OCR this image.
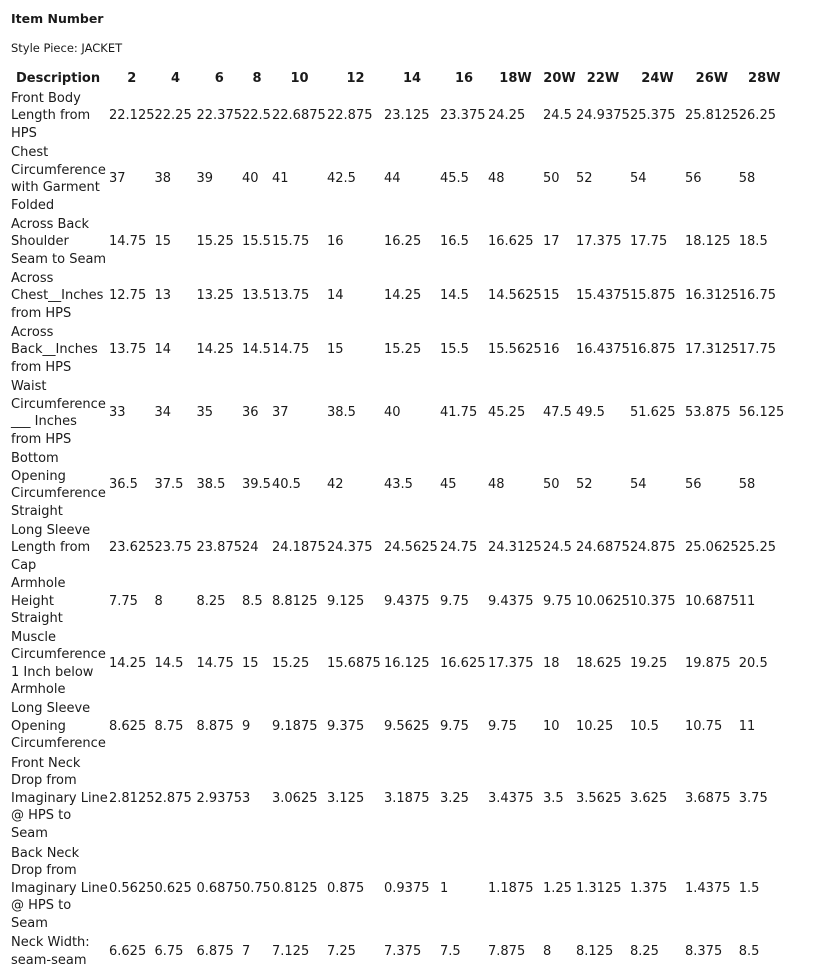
Item Number
Style Piece: JACKET
Description	2	4	6	8	10	12	14	16	18W	20W	22W	24W	26W	28W
Front Body Length from HPS	22.125	22.25	22.375	22.5	22.6875	22.875	23.125	23.375	24.25	24.5	24.9375	25.375	25.8125	26.25
Chest Circumference with Garment Folded	37	38	39	40	41	42.5	44	45.5	48	50	52	54	56	58
Across Back Shoulder Seam to Seam	14.75	15	15.25	15.5	15.75	16	16.25	16.5	16.625	17	17.375	17.75	18.125	18.5
Across Chest__Inches from HPS	12.75	13	13.25	13.5	13.75	14	14.25	14.5	14.5625	15	15.4375	15.875	16.3125	16.75
Across Back__Inches from HPS	13.75	14	14.25	14.5	14.75	15	15.25	15.5	15.5625	16	16.4375	16.875	17.3125	17.75
Waist Circumference ___ Inches from HPS	33	34	35	36	37	38.5	40	41.75	45.25	47.5	49.5	51.625	53.875	56.125
Bottom Opening Circumference Straight	36.5	37.5	38.5	39.5	40.5	42	43.5	45	48	50	52	54	56	58
Long Sleeve Length from Cap	23.625	23.75	23.875	24	24.1875	24.375	24.5625	24.75	24.3125	24.5	24.6875	24.875	25.0625	25.25
Armhole Height Straight	7.75	8	8.25	8.5	8.8125	9.125	9.4375	9.75	9.4375	9.75	10.0625	10.375	10.6875	11
Muscle Circumference 1 Inch below Armhole	14.25	14.5	14.75	15	15.25	15.6875	16.125	16.625	17.375	18	18.625	19.25	19.875	20.5
Long Sleeve Opening Circumference	8.625	8.75	8.875	9	9.1875	9.375	9.5625	9.75	9.75	10	10.25	10.5	10.75	11
Front Neck Drop from Imaginary Line @ HPS to Seam	2.8125	2.875	2.9375	3	3.0625	3.125	3.1875	3.25	3.4375	3.5	3.5625	3.625	3.6875	3.75
Back Neck Drop from Imaginary Line @ HPS to Seam	0.5625	0.625	0.6875	0.75	0.8125	0.875	0.9375	1	1.1875	1.25	1.3125	1.375	1.4375	1.5
Neck Width: seam-seam	6.625	6.75	6.875	7	7.125	7.25	7.375	7.5	7.875	8	8.125	8.25	8.375	8.5
